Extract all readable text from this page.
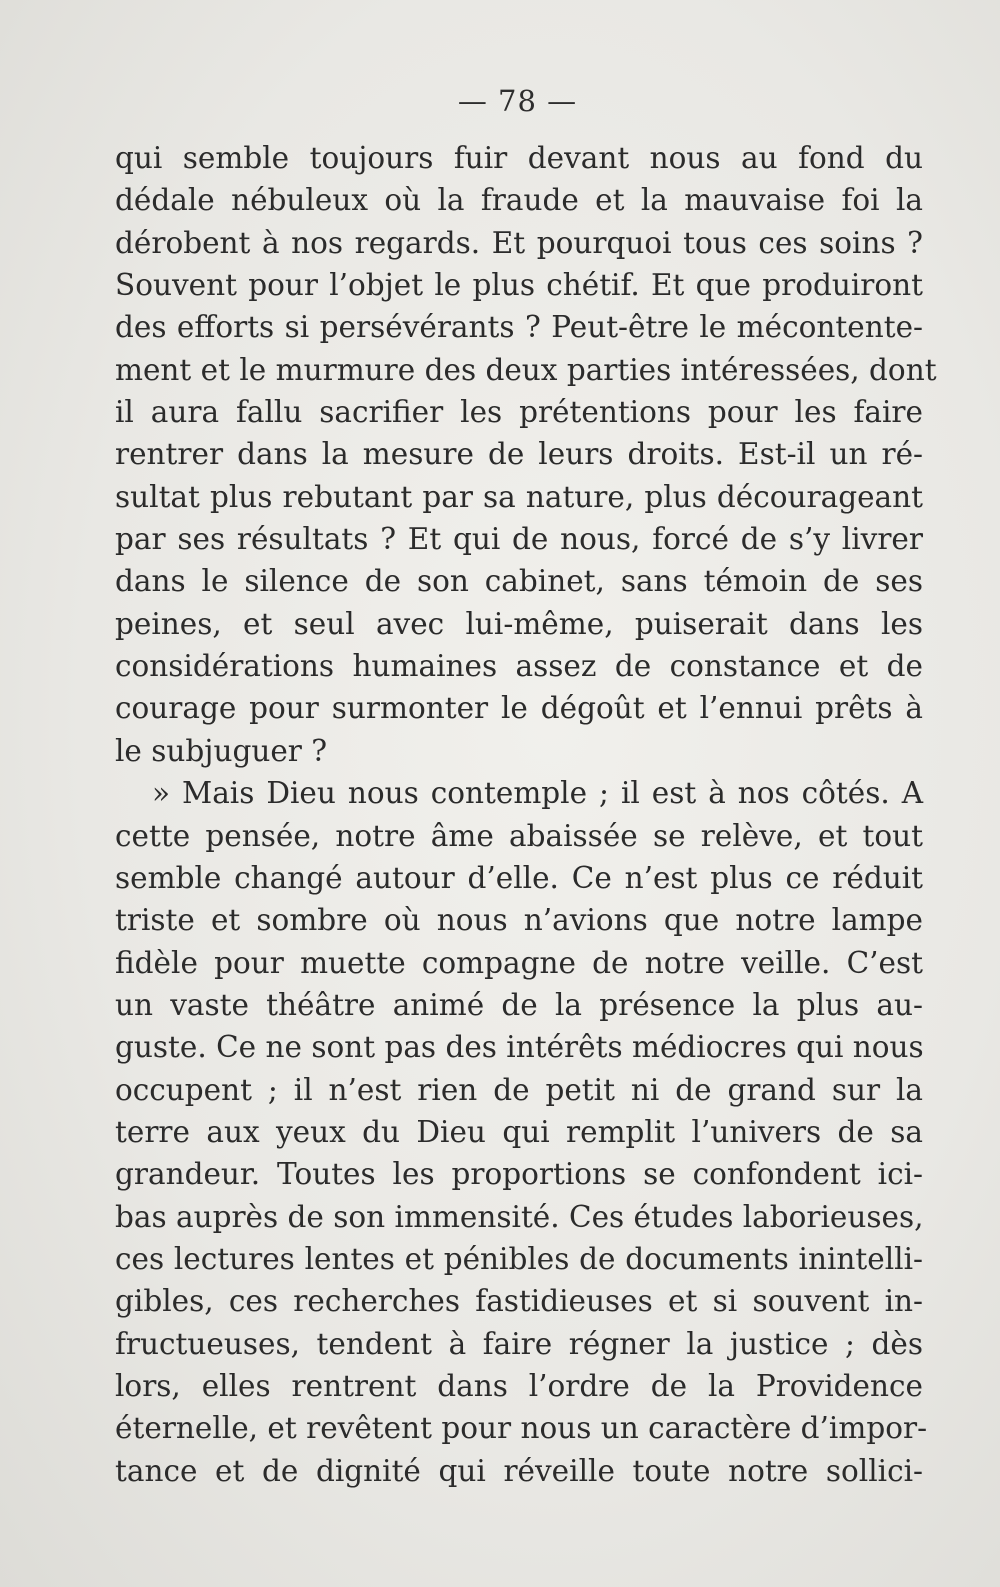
— 78 —
qui semble toujours fuir devant nous au fond du
dédale nébuleux où la fraude et la mauvaise foi la
dérobent à nos regards. Et pourquoi tous ces soins ?
Souvent pour l’objet le plus chétif. Et que produiront
des efforts si persévérants ? Peut-être le mécontente-
ment et le murmure des deux parties intéressées, dont
il aura fallu sacrifier les prétentions pour les faire
rentrer dans la mesure de leurs droits. Est-il un ré-
sultat plus rebutant par sa nature, plus décourageant
par ses résultats ? Et qui de nous, forcé de s’y livrer
dans le silence de son cabinet, sans témoin de ses
peines, et seul avec lui-même, puiserait dans les
considérations humaines assez de constance et de
courage pour surmonter le dégoût et l’ennui prêts à
le subjuguer ?
» Mais Dieu nous contemple ; il est à nos côtés. A
cette pensée, notre âme abaissée se relève, et tout
semble changé autour d’elle. Ce n’est plus ce réduit
triste et sombre où nous n’avions que notre lampe
fidèle pour muette compagne de notre veille. C’est
un vaste théâtre animé de la présence la plus au-
guste. Ce ne sont pas des intérêts médiocres qui nous
occupent ; il n’est rien de petit ni de grand sur la
terre aux yeux du Dieu qui remplit l’univers de sa
grandeur. Toutes les proportions se confondent ici-
bas auprès de son immensité. Ces études laborieuses,
ces lectures lentes et pénibles de documents inintelli-
gibles, ces recherches fastidieuses et si souvent in-
fructueuses, tendent à faire régner la justice ; dès
lors, elles rentrent dans l’ordre de la Providence
éternelle, et revêtent pour nous un caractère d’impor-
tance et de dignité qui réveille toute notre sollici-
